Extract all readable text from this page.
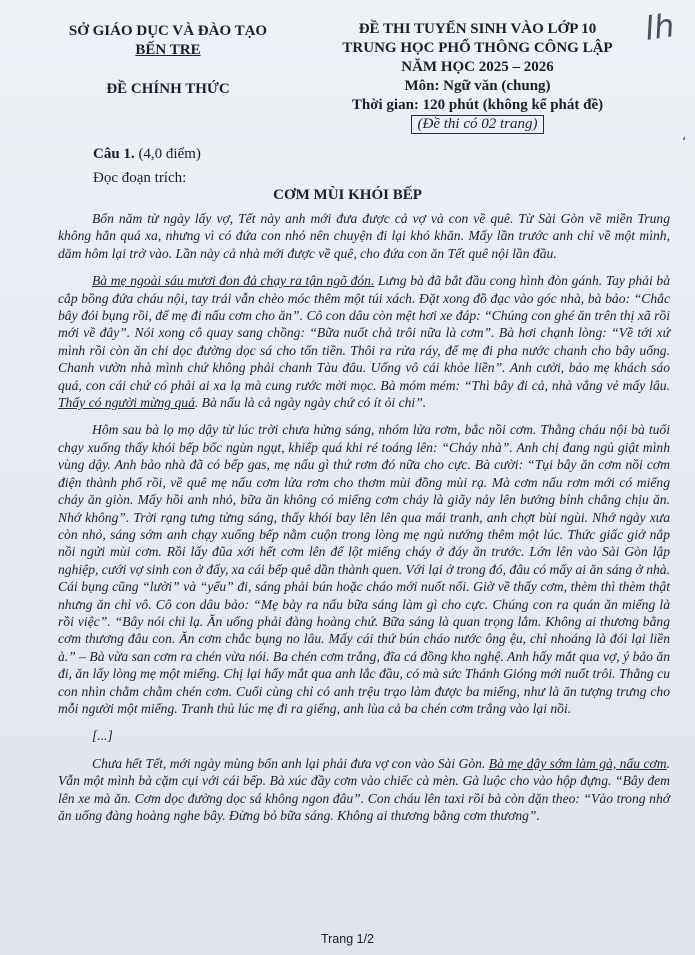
SỞ GIÁO DỤC VÀ ĐÀO TẠO
BẾN TRE
ĐỀ CHÍNH THỨC
ĐỀ THI TUYỂN SINH VÀO LỚP 10
TRUNG HỌC PHỔ THÔNG CÔNG LẬP
NĂM HỌC 2025 – 2026
Môn: Ngữ văn (chung)
Thời gian: 120 phút (không kể phát đề)
(Đề thi có 02 trang)
lh
ʻ
Câu 1. (4,0 điểm)
Đọc đoạn trích:
CƠM MÙI KHÓI BẾP

Bốn năm từ ngày lấy vợ, Tết này anh mới đưa được cả vợ và con về quê. Từ Sài Gòn về miền Trung không hẳn quá xa, nhưng vì có đứa con nhỏ nên chuyện đi lại khó khăn. Mấy lần trước anh chỉ về một mình, dăm hôm lại trở vào. Lần này cả nhà mới được về quê, cho đứa con ăn Tết quê nội lần đầu.

Bà mẹ ngoài sáu mươi đon đả chạy ra tận ngõ đón. Lưng bà đã bắt đầu cong hình đòn gánh. Tay phải bà cắp bồng đứa cháu nội, tay trái vẫn chèo móc thêm một túi xách. Đặt xong đồ đạc vào góc nhà, bà bảo: “Chắc bây đói bụng rồi, để mẹ đi nấu cơm cho ăn”. Cô con dâu còn mệt hơi xe đáp: “Chúng con ghé ăn trên thị xã rồi mới về đây”. Nói xong cô quay sang chồng: “Bữa nuốt chả trôi nữa là cơm”. Bà hơi chạnh lòng: “Về tới xứ mình rồi còn ăn chi dọc đường dọc sá cho tốn tiền. Thôi ra rửa ráy, để mẹ đi pha nước chanh cho bây uống. Chanh vườn nhà mình chứ không phải chanh Tàu đâu. Uống vô cái khỏe liền”. Anh cười, bảo mẹ khách sáo quá, con cái chứ có phải ai xa lạ mà cung rước mời mọc. Bà móm mém: “Thì bây đi cả, nhà vắng vẻ mấy lâu. Thấy có người mừng quá. Bà nấu là cả ngày ngày chứ có ít ỏi chi”.

Hôm sau bà lọ mọ dậy từ lúc trời chưa hửng sáng, nhóm lửa rơm, bắc nồi cơm. Thằng cháu nội bà tuổi chạy xuống thấy khói bếp bốc ngùn ngụt, khiếp quá khi ré toáng lên: “Cháy nhà”. Anh chị đang ngủ giật mình vùng dậy. Anh bảo nhà đã có bếp gas, mẹ nấu gì thứ rơm đó nữa cho cực. Bà cười: “Tụi bây ăn cơm nồi cơm điện thành phố rồi, về quê mẹ nấu cơm lửa rơm cho thơm mùi đồng mùi rạ. Mà cơm nấu rơm mới có miếng cháy ăn giòn. Mấy hồi anh nhỏ, bữa ăn không có miếng cơm cháy là giãy nảy lên bướng bỉnh chẳng chịu ăn. Nhớ không”. Trời rạng tưng tửng sáng, thấy khói bay lên lên qua mái tranh, anh chợt bùi ngùi. Nhớ ngày xưa còn nhỏ, sáng sớm anh chạy xuống bếp nằm cuộn trong lòng mẹ ngủ nướng thêm một lúc. Thức giấc giở nắp nồi ngửi mùi cơm. Rồi lấy đũa xới hết cơm lên để lột miếng cháy ở đáy ăn trước. Lớn lên vào Sài Gòn lập nghiệp, cưới vợ sinh con ở đấy, xa cái bếp quê dần thành quen. Với lại ở trong đó, đâu có mấy ai ăn sáng ở nhà. Cái bụng cũng “lười” và “yếu” đi, sáng phải bún hoặc cháo mới nuốt nổi. Giờ về thấy cơm, thèm thì thèm thật nhưng ăn chỉ vô. Cô con dâu bảo: “Mẹ bày ra nấu bữa sáng làm gì cho cực. Chúng con ra quán ăn miếng là rồi việc”. “Bây nói chi lạ. Ăn uống phải đàng hoàng chứ. Bữa sáng là quan trọng lắm. Không ai thương bằng cơm thương đâu con. Ăn cơm chắc bụng no lâu. Mấy cái thứ bún cháo nước ông ệu, chỉ nhoáng là đói lại liền à.” – Bà vừa san cơm ra chén vừa nói. Ba chén cơm trắng, đĩa cá đồng kho nghệ. Anh hấy mắt qua vợ, ý bảo ăn đi, ăn lấy lòng mẹ một miếng. Chị lại hấy mắt qua anh lắc đầu, có mà sức Thánh Gióng mới nuốt trôi. Thằng cu con nhìn chằm chằm chén cơm. Cuối cùng chỉ có anh trệu trạo làm được ba miếng, như là ăn tượng trưng cho mỗi người một miếng. Tranh thủ lúc mẹ đi ra giếng, anh lùa cả ba chén cơm trắng vào lại nồi.

[...]

Chưa hết Tết, mới ngày mùng bốn anh lại phải đưa vợ con vào Sài Gòn. Bà mẹ dậy sớm làm gà, nấu cơm. Vẫn một mình bà cặm cụi với cái bếp. Bà xúc đầy cơm vào chiếc cà mèn. Gà luộc cho vào hộp đựng. “Bây đem lên xe mà ăn. Cơm dọc đường dọc sá không ngon đâu”. Con cháu lên taxi rồi bà còn dặn theo: “Vào trong nhớ ăn uống đàng hoàng nghe bây. Đừng bỏ bữa sáng. Không ai thương bằng cơm thương”.

Trang 1/2
